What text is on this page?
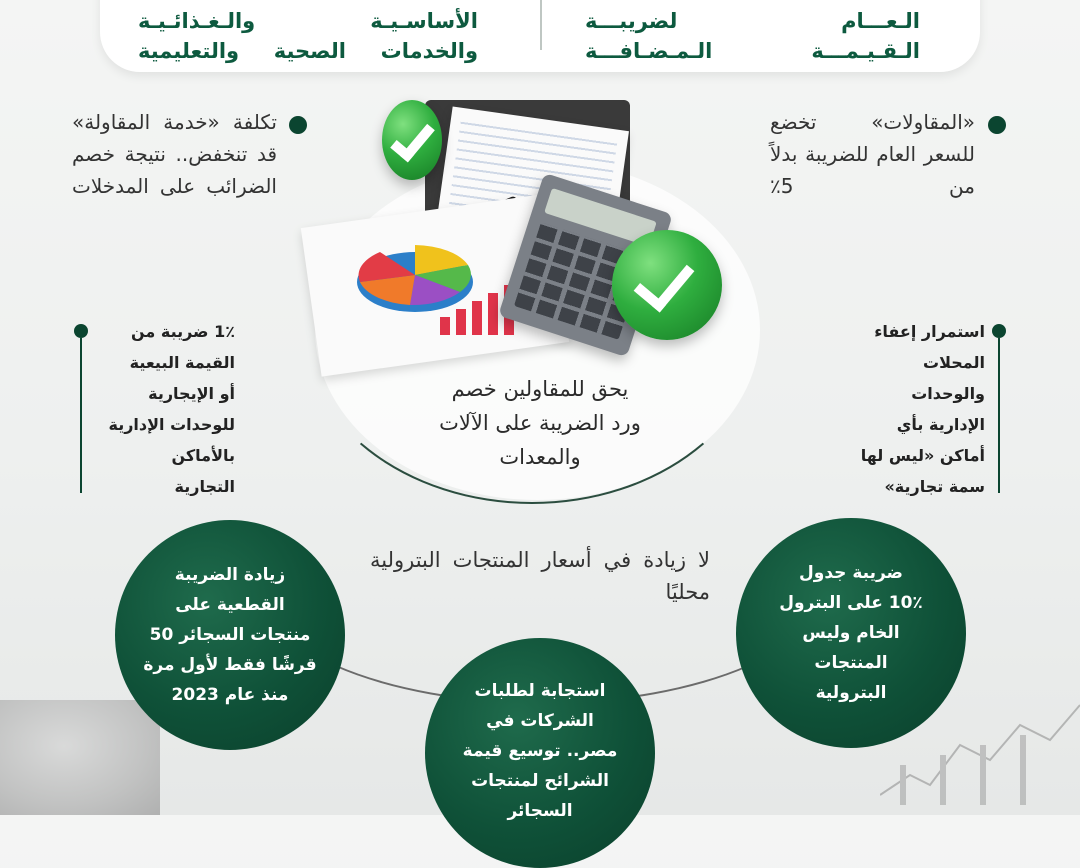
الأساسـيـة والـغـذائـيـة
والخدمات الصحية والتعليمية
الـعـــام لضريبـــة
الـقـيـمـــة الـمـضـافـــة
تكلفة «خدمة المقاولة» قد تنخفض.. نتيجة خصم الضرائب على المدخلات
«المقاولات» تخضع للسعر العام للضريبة بدلاً من 5٪
1٪ ضريبة من
القيمة البيعية
أو الإيجارية
للوحدات الإدارية
بالأماكن
التجارية
استمرار إعفاء
المحلات
والوحدات
الإدارية بأي
أماكن «ليس لها
سمة تجارية»
يحق للمقاولين خصم
ورد الضريبة على الآلات
والمعدات
لا زيادة في أسعار المنتجات البترولية محليًا
زيادة الضريبة
القطعية على
منتجات السجائر 50
قرشًا فقط لأول مرة
منذ عام 2023
ضريبة جدول
10٪ على البترول
الخام وليس
المنتجات
البترولية
استجابة لطلبات
الشركات في
مصر.. توسيع قيمة
الشرائح لمنتجات
السجائر
